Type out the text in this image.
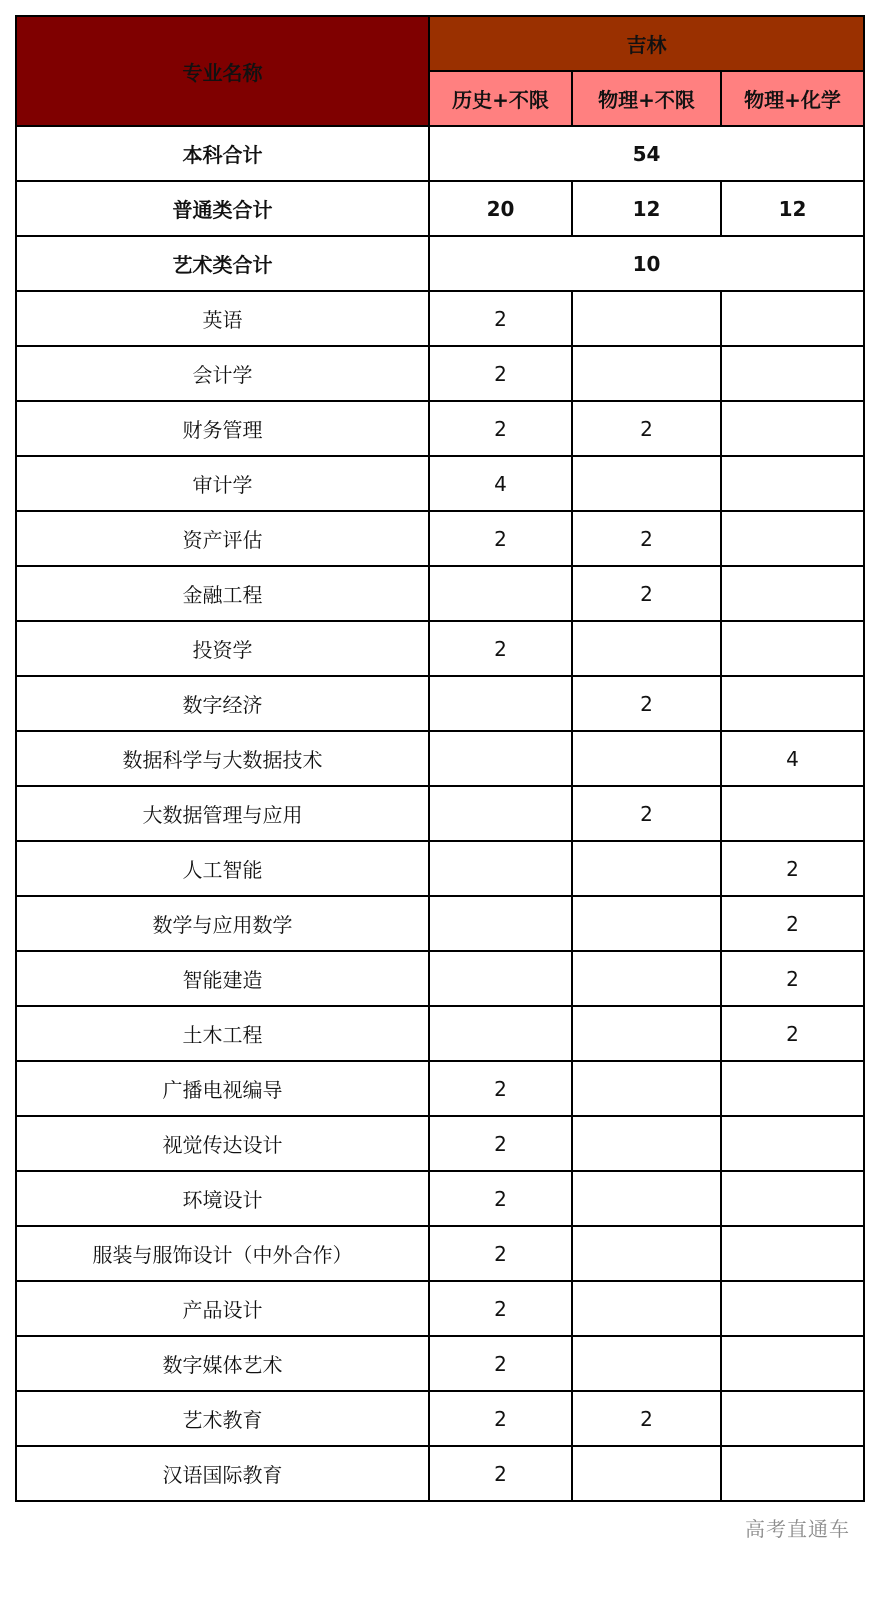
专业名称	吉林		
	历史+不限	物理+不限	物理+化学
本科合计	54		
普通类合计	20	12	12
艺术类合计	10		
英语	2		
会计学	2		
财务管理	2	2	
审计学	4		
资产评估	2	2	
金融工程		2	
投资学	2		
数字经济		2	
数据科学与大数据技术			4
大数据管理与应用		2	
人工智能			2
数学与应用数学			2
智能建造			2
土木工程			2
广播电视编导	2		
视觉传达设计	2		
环境设计	2		
服装与服饰设计（中外合作）	2		
产品设计	2		
数字媒体艺术	2		
艺术教育	2	2	
汉语国际教育	2		
高考直通车
